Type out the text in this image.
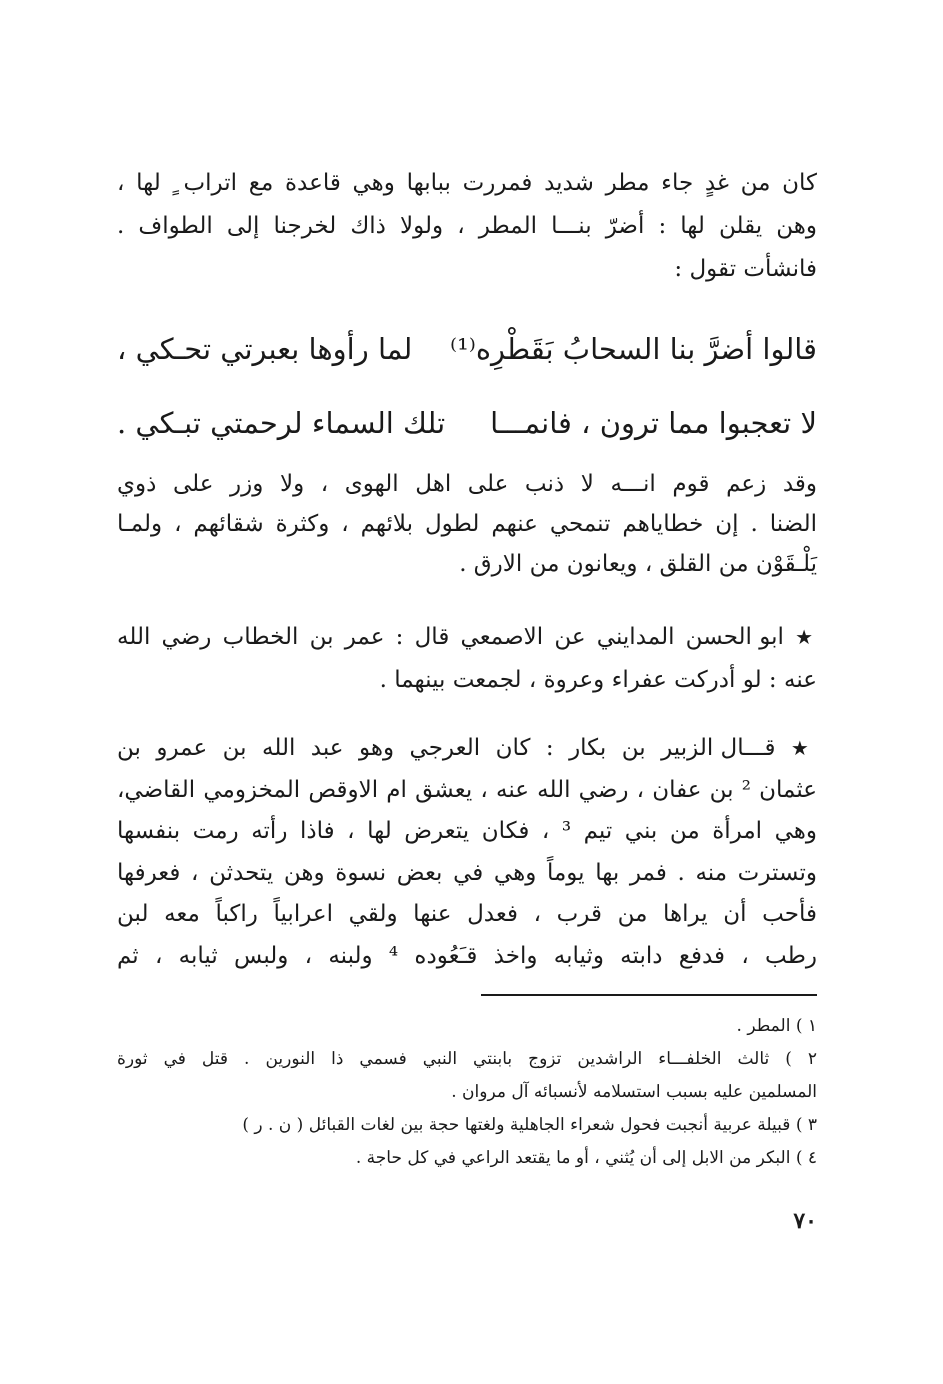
كان من غدٍ جاء مطر شديد فمررت ببابها وهي قاعدة مع اتراب ٍ لها ،
وهن يقلن لها : أضرّ بنـــا المطر ، ولولا ذاك لخرجنا إلى الطواف .
فانشأت تقول :
قالوا أضرَّ بنا السحابُ بَقَطْرِه⁽¹⁾
لما رأوها بعبرتي تحـكي ،
لا تعجبوا مما ترون ، فانمـــا
تلك السماء لرحمتي تبـكي .
وقد زعم قوم انـــه لا ذنب على اهل الهوى ، ولا وزر على ذوي
الضنا . إن خطاياهم تنمحي عنهم لطول بلائهم ، وكثرة شقائهم ، ولمـا
يَلْـقَوْن من القلق ، ويعانون من الارق .
★ ابو الحسن المدايني عن الاصمعي قال : عمر بن الخطاب رضي الله
عنه : لو أدركت عفراء وعروة ، لجمعت بينهما .
★ قـــال الزبير بن بكار : كان العرجي وهو عبد الله بن عمرو بن
عثمان ² بن عفان ، رضي الله عنه ، يعشق ام الاوقص المخزومي القاضي،
وهي امرأة من بني تيم ³ ، فكان يتعرض لها ، فاذا رأته رمت بنفسها
وتسترت منه . فمر بها يوماً وهي في بعض نسوة وهن يتحدثن ، فعرفها
فأحب أن يراها من قرب ، فعدل عنها ولقي اعرابياً راكباً معه لبن
رطب ، فدفع دابته وثيابه واخذ قـَعُوده ⁴ ولبنه ، ولبس ثيابه ، ثم
١ ) المطر .
٢ ) ثالث الخلفـــاء الراشدين تزوج بابنتي النبي فسمي ذا النورين . قتل في ثورة
المسلمين عليه بسبب استسلامه لأنسبائه آل مروان .
٣ ) قبيلة عربية أنجبت فحول شعراء الجاهلية ولغتها حجة بين لغات القبائل ( ن . ر )
٤ ) البكر من الابل إلى أن يُثني ، أو ما يقتعد الراعي في كل حاجة .
٧٠
